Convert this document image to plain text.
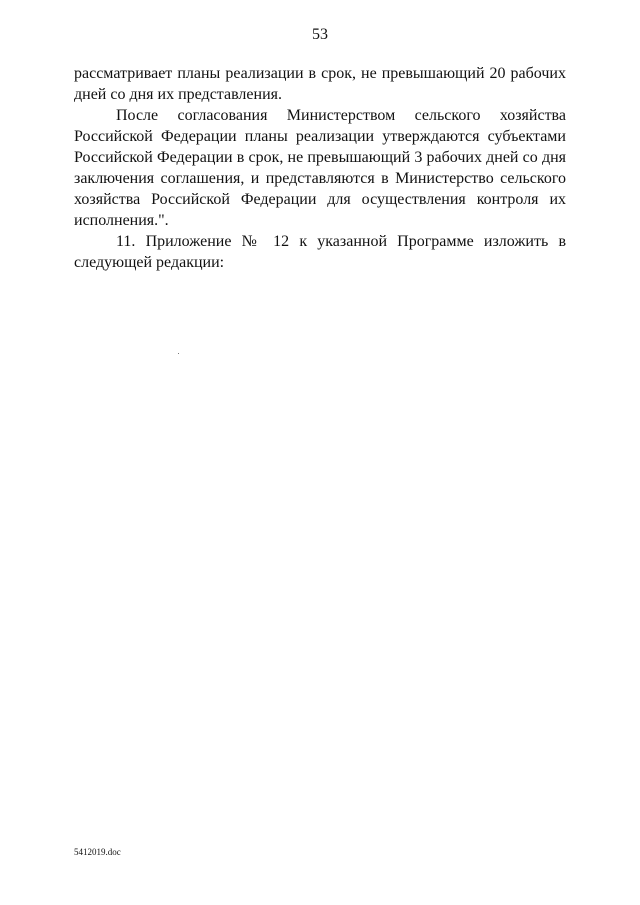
53

рассматривает планы реализации в срок, не превышающий 20 рабочих дней со дня их представления.

После согласования Министерством сельского хозяйства Российской Федерации планы реализации утверждаются субъектами Российской Федерации в срок, не превышающий 3 рабочих дней со дня заключения соглашения, и представляются в Министерство сельского хозяйства Российской Федерации для осуществления контроля их исполнения.".

11. Приложение № 12 к указанной Программе изложить в следующей редакции:

5412019.doc
